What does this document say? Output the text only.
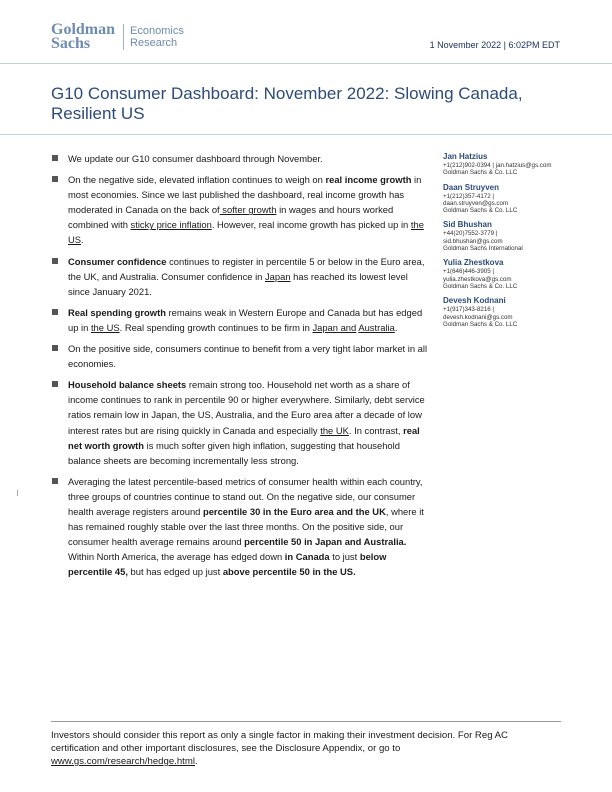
Goldman
Sachs
Economics
Research	1 November 2022 | 6:02PM EDT
G10 Consumer Dashboard: November 2022: Slowing Canada, Resilient US
We update our G10 consumer dashboard through November.
On the negative side, elevated inflation continues to weigh on real income growth in most economies. Since we last published the dashboard, real income growth has moderated in Canada on the back of softer growth in wages and hours worked combined with sticky price inflation. However, real income growth has picked up in the US.
Consumer confidence continues to register in percentile 5 or below in the Euro area, the UK, and Australia. Consumer confidence in Japan has reached its lowest level since January 2021.
Real spending growth remains weak in Western Europe and Canada but has edged up in the US. Real spending growth continues to be firm in Japan and Australia.
On the positive side, consumers continue to benefit from a very tight labor market in all economies.
Household balance sheets remain strong too. Household net worth as a share of income continues to rank in percentile 90 or higher everywhere. Similarly, debt service ratios remain low in Japan, the US, Australia, and the Euro area after a decade of low interest rates but are rising quickly in Canada and especially the UK. In contrast, real net worth growth is much softer given high inflation, suggesting that household balance sheets are becoming incrementally less strong.
Averaging the latest percentile-based metrics of consumer health within each country, three groups of countries continue to stand out. On the negative side, our consumer health average registers around percentile 30 in the Euro area and the UK, where it has remained roughly stable over the last three months. On the positive side, our consumer health average remains around percentile 50 in Japan and Australia. Within North America, the average has edged down in Canada to just below percentile 45, but has edged up just above percentile 50 in the US.
Jan Hatzius
+1(212)902-0394 | jan.hatzius@gs.com
Goldman Sachs & Co. LLC
Daan Struyven
+1(212)357-4172 |
daan.struyven@gs.com
Goldman Sachs & Co. LLC
Sid Bhushan
+44(20)7552-3779 |
sid.bhushan@gs.com
Goldman Sachs International
Yulia Zhestkova
+1(646)446-3905 |
yulia.zhestkova@gs.com
Goldman Sachs & Co. LLC
Devesh Kodnani
+1(917)343-8216 |
devesh.kodnani@gs.com
Goldman Sachs & Co. LLC
Investors should consider this report as only a single factor in making their investment decision. For Reg AC certification and other important disclosures, see the Disclosure Appendix, or go to www.gs.com/research/hedge.html.
